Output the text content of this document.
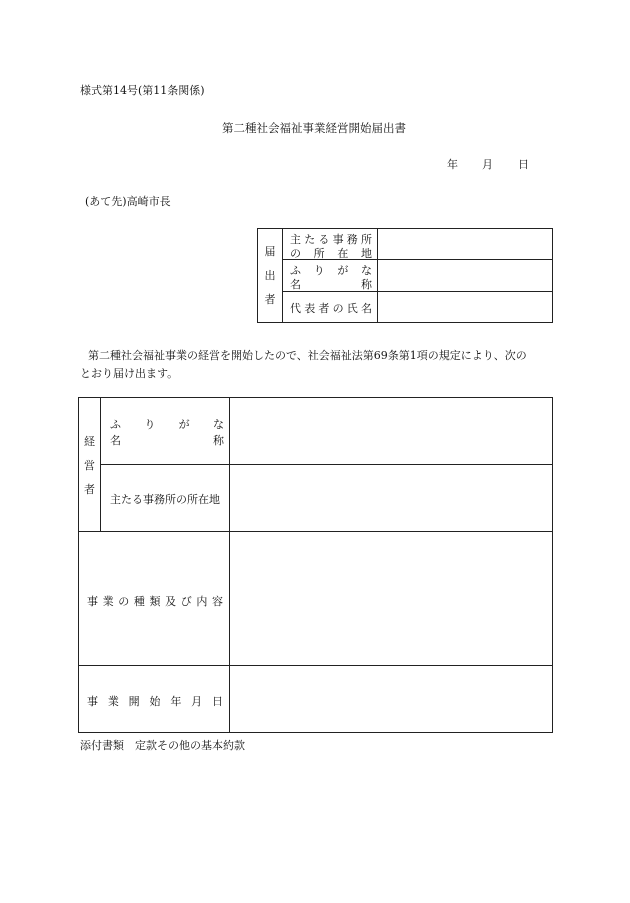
様式第14号(第11条関係)
第二種社会福祉事業経営開始届出書
年 月 日
(あて先)高崎市長
届
出
者
主 た る 事 務 所
の 所 在 地
ふ り が な
名	称
代 表 者 の 氏 名
第二種社会福祉事業の経営を開始したので、社会福祉法第69条第1項の規定により、次の
とおり届け出ます。
経
営
者
ふ り が な
名	称
主たる事務所の所在地
事 業 の 種 類 及 び 内 容
事 業 開 始 年 月 日
添付書類　定款その他の基本約款
